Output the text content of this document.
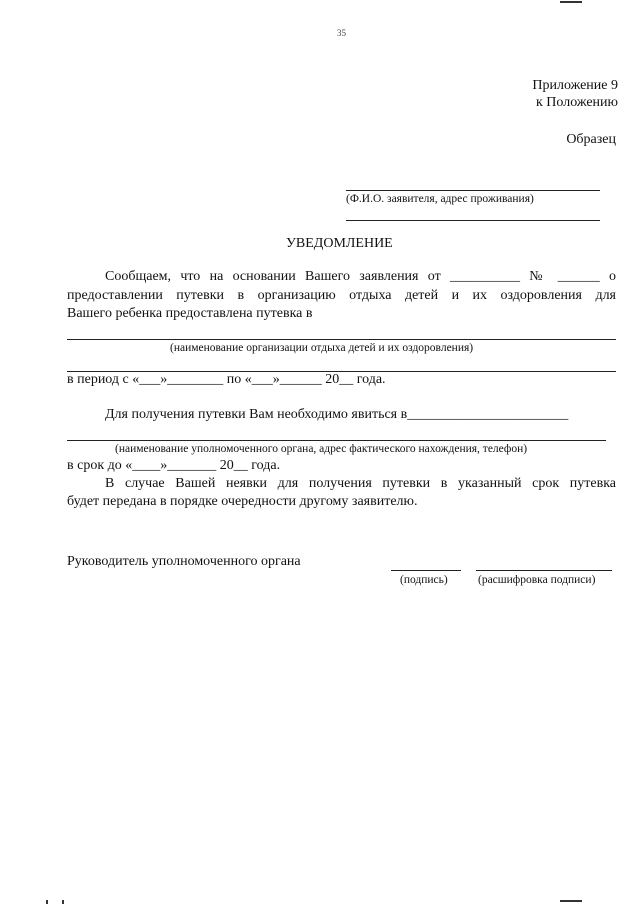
35
Приложение 9
к Положению
Образец
(Ф.И.О. заявителя, адрес проживания)
УВЕДОМЛЕНИЕ
Сообщаем, что на основании Вашего заявления от __________ № ______ о
предоставлении путевки в организацию отдыха детей и их оздоровления для
Вашего ребенка предоставлена путевка в
(наименование организации отдыха детей и их оздоровления)
в период с «___»________ по «___»______ 20__ года.
Для получения путевки Вам необходимо явиться в_______________________
(наименование уполномоченного органа, адрес фактического нахождения, телефон)
в срок до «____»_______ 20__ года.
В случае Вашей неявки для получения путевки в указанный срок путевка
будет передана в порядке очередности другому заявителю.
Руководитель уполномоченного органа
(подпись)	(расшифровка подписи)
